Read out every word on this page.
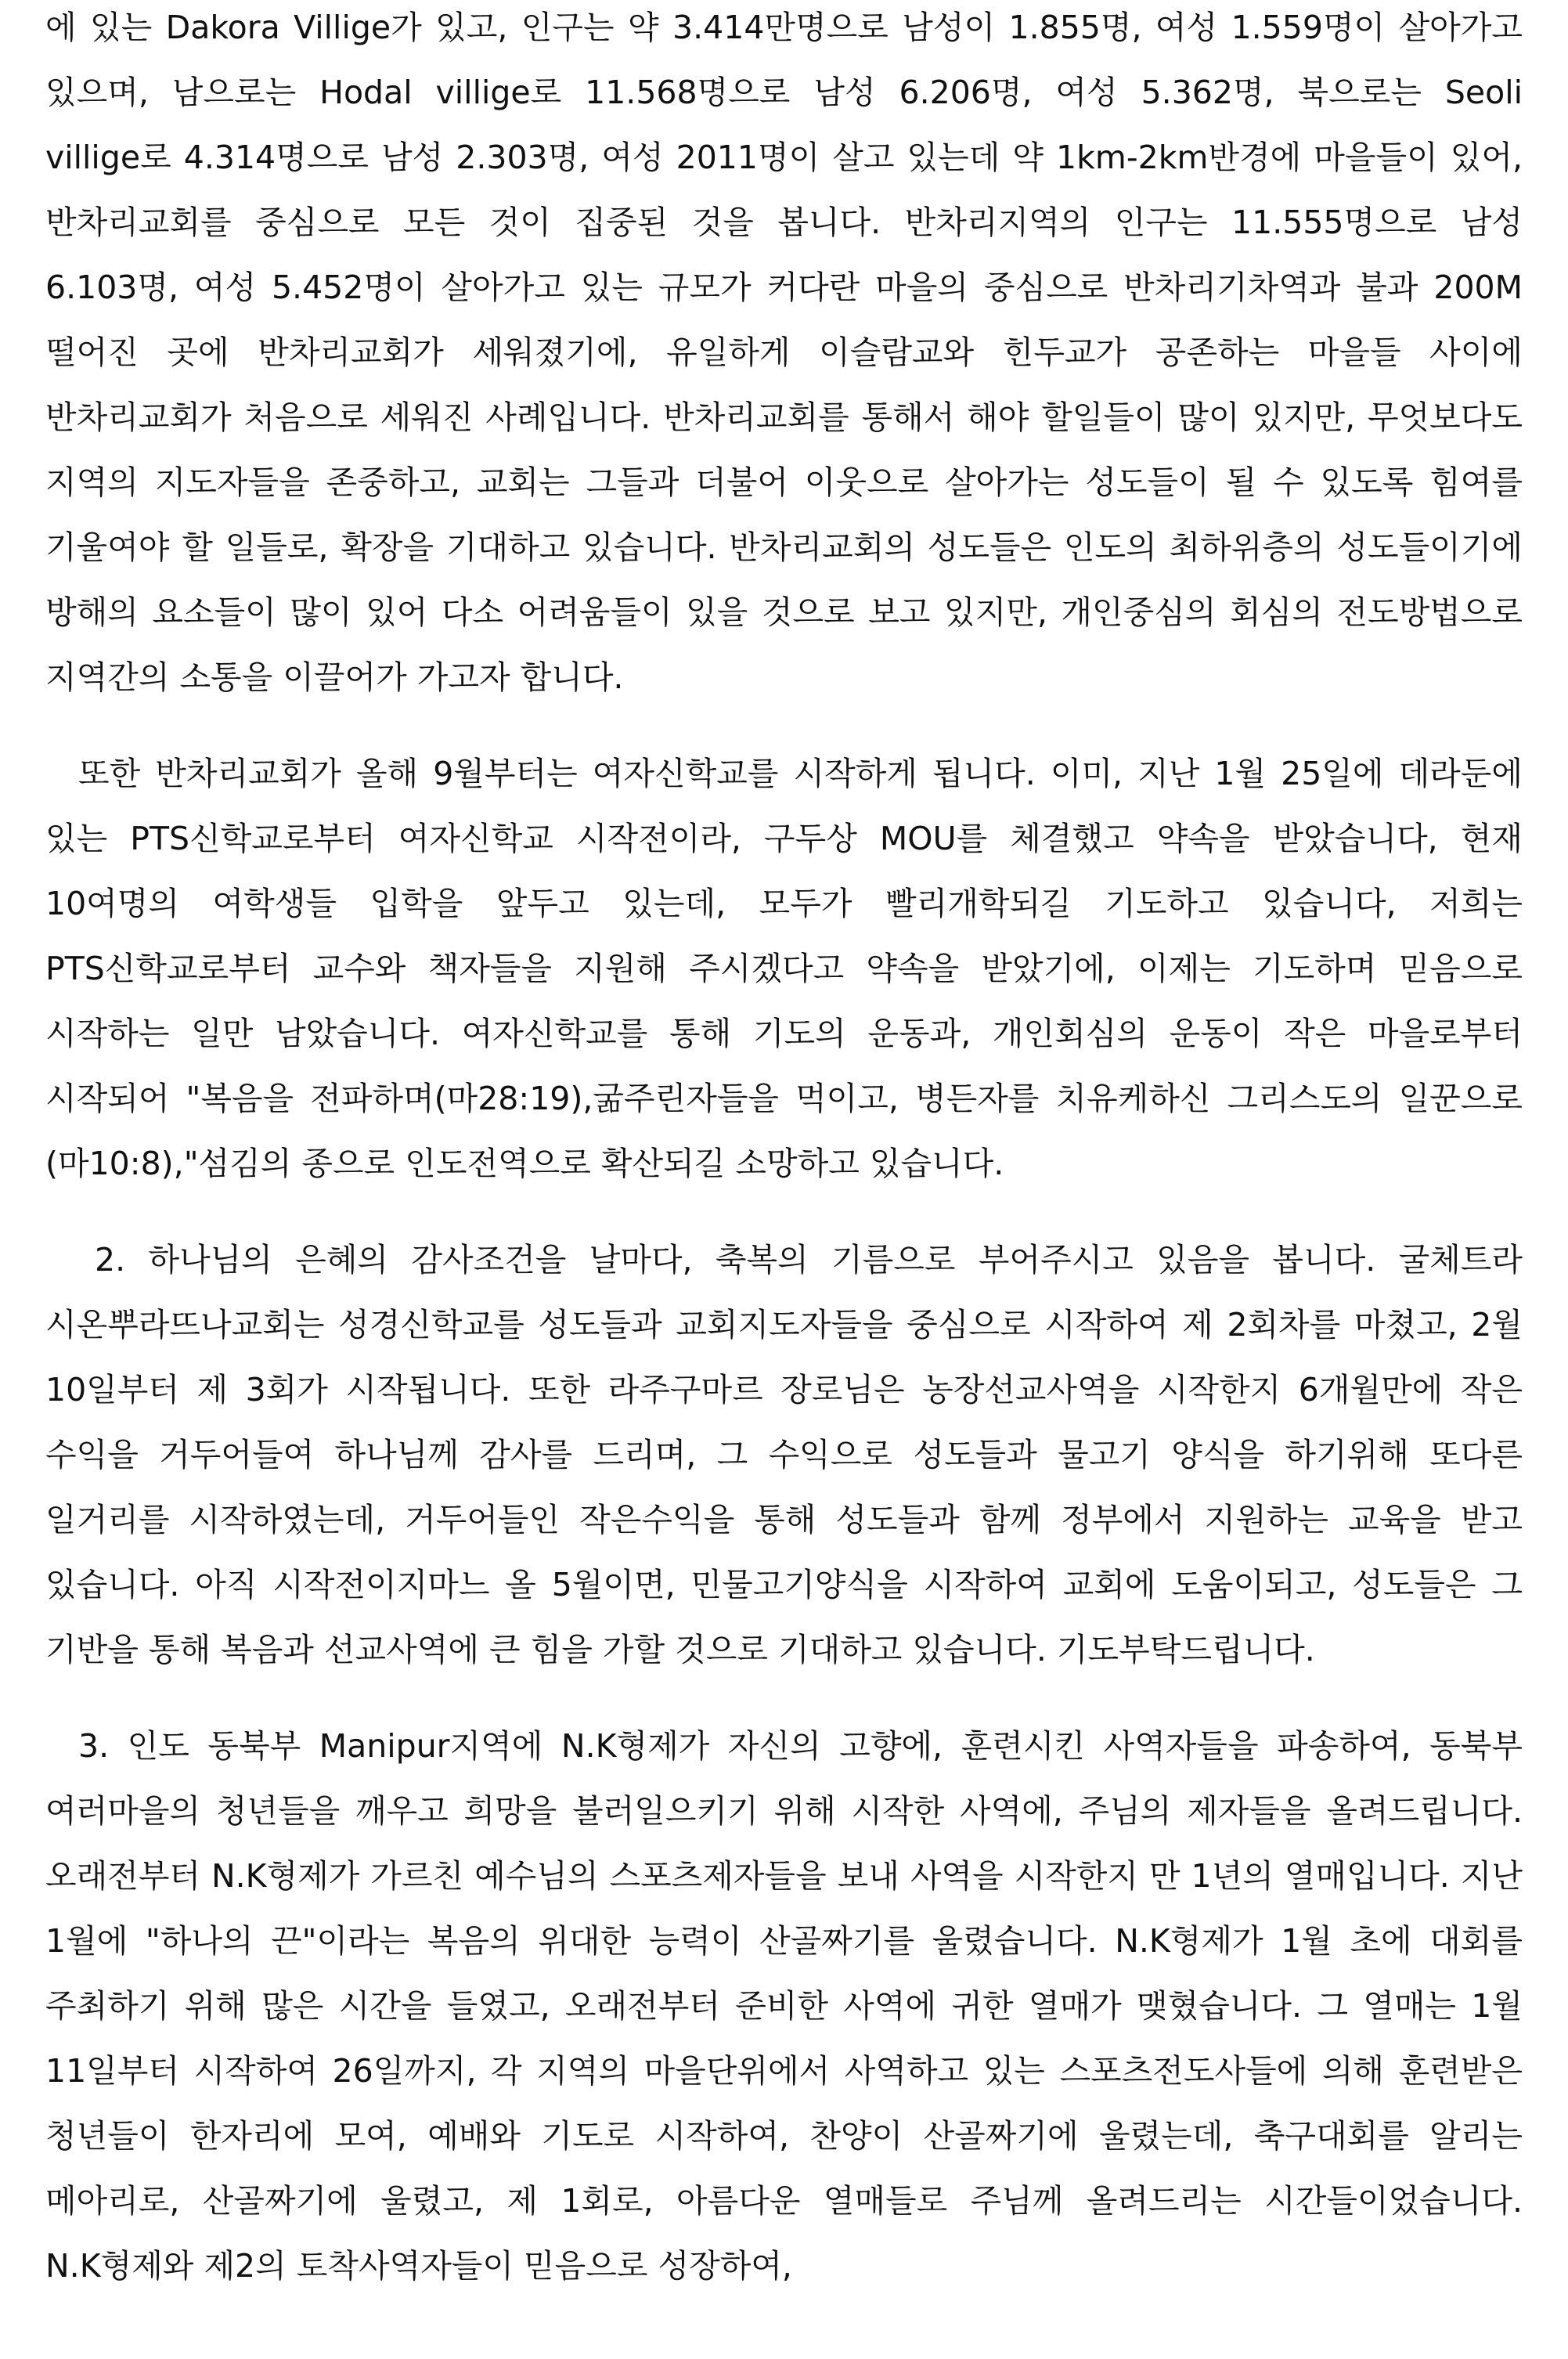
에 있는 Dakora Villige가 있고, 인구는 약 3.414만명으로 남성이 1.855명, 여성 1.559명이 살아가고 있으며, 남으로는 Hodal villige로 11.568명으로 남성 6.206명, 여성 5.362명, 북으로는 Seoli villige로 4.314명으로 남성 2.303명, 여성 2011명이 살고 있는데 약 1km-2km반경에 마을들이 있어, 반차리교회를 중심으로 모든 것이 집중된 것을 봅니다. 반차리지역의 인구는 11.555명으로 남성 6.103명, 여성 5.452명이 살아가고 있는 규모가 커다란 마을의 중심으로 반차리기차역과 불과 200M 떨어진 곳에 반차리교회가 세워졌기에, 유일하게 이슬람교와 힌두교가 공존하는 마을들 사이에 반차리교회가 처음으로 세워진 사례입니다. 반차리교회를 통해서 해야 할일들이 많이 있지만, 무엇보다도 지역의 지도자들을 존중하고, 교회는 그들과 더불어 이웃으로 살아가는 성도들이 될 수 있도록 힘여를 기울여야 할 일들로, 확장을 기대하고 있습니다. 반차리교회의 성도들은 인도의 최하위층의 성도들이기에 방해의 요소들이 많이 있어 다소 어려움들이 있을 것으로 보고 있지만, 개인중심의 회심의 전도방법으로 지역간의 소통을 이끌어가 가고자 합니다.

또한 반차리교회가 올해 9월부터는 여자신학교를 시작하게 됩니다. 이미, 지난 1월 25일에 데라둔에 있는 PTS신학교로부터 여자신학교 시작전이라, 구두상 MOU를 체결했고 약속을 받았습니다, 현재 10여명의 여학생들 입학을 앞두고 있는데, 모두가 빨리개학되길 기도하고 있습니다, 저희는 PTS신학교로부터 교수와 책자들을 지원해 주시겠다고 약속을 받았기에, 이제는 기도하며 믿음으로 시작하는 일만 남았습니다. 여자신학교를 통해 기도의 운동과, 개인회심의 운동이 작은 마을로부터 시작되어 "복음을 전파하며(마28:19),굶주린자들을 먹이고, 병든자를 치유케하신 그리스도의 일꾼으로(마10:8),"섬김의 종으로 인도전역으로 확산되길 소망하고 있습니다.

2. 하나님의 은혜의 감사조건을 날마다, 축복의 기름으로 부어주시고 있음을 봅니다. 굴체트라 시온뿌라뜨나교회는 성경신학교를 성도들과 교회지도자들을 중심으로 시작하여 제 2회차를 마쳤고, 2월 10일부터 제 3회가 시작됩니다. 또한 라주구마르 장로님은 농장선교사역을 시작한지 6개월만에 작은 수익을 거두어들여 하나님께 감사를 드리며, 그 수익으로 성도들과 물고기 양식을 하기위해 또다른 일거리를 시작하였는데, 거두어들인 작은수익을 통해 성도들과 함께 정부에서 지원하는 교육을 받고 있습니다. 아직 시작전이지마느 올 5월이면, 민물고기양식을 시작하여 교회에 도움이되고, 성도들은 그 기반을 통해 복음과 선교사역에 큰 힘을 가할 것으로 기대하고 있습니다. 기도부탁드립니다.

3. 인도 동북부 Manipur지역에 N.K형제가 자신의 고향에, 훈련시킨 사역자들을 파송하여, 동북부 여러마을의 청년들을 깨우고 희망을 불러일으키기 위해 시작한 사역에, 주님의 제자들을 올려드립니다. 오래전부터 N.K형제가 가르친 예수님의 스포츠제자들을 보내 사역을 시작한지 만 1년의 열매입니다. 지난 1월에 "하나의 끈"이라는 복음의 위대한 능력이 산골짜기를 울렸습니다. N.K형제가 1월 초에 대회를 주최하기 위해 많은 시간을 들였고, 오래전부터 준비한 사역에 귀한 열매가 맺혔습니다. 그 열매는 1월 11일부터 시작하여 26일까지, 각 지역의 마을단위에서 사역하고 있는 스포츠전도사들에 의해 훈련받은 청년들이 한자리에 모여, 예배와 기도로 시작하여, 찬양이 산골짜기에 울렸는데, 축구대회를 알리는 메아리로, 산골짜기에 울렸고, 제 1회로, 아름다운 열매들로 주님께 올려드리는 시간들이었습니다. N.K형제와 제2의 토착사역자들이 믿음으로 성장하여,
